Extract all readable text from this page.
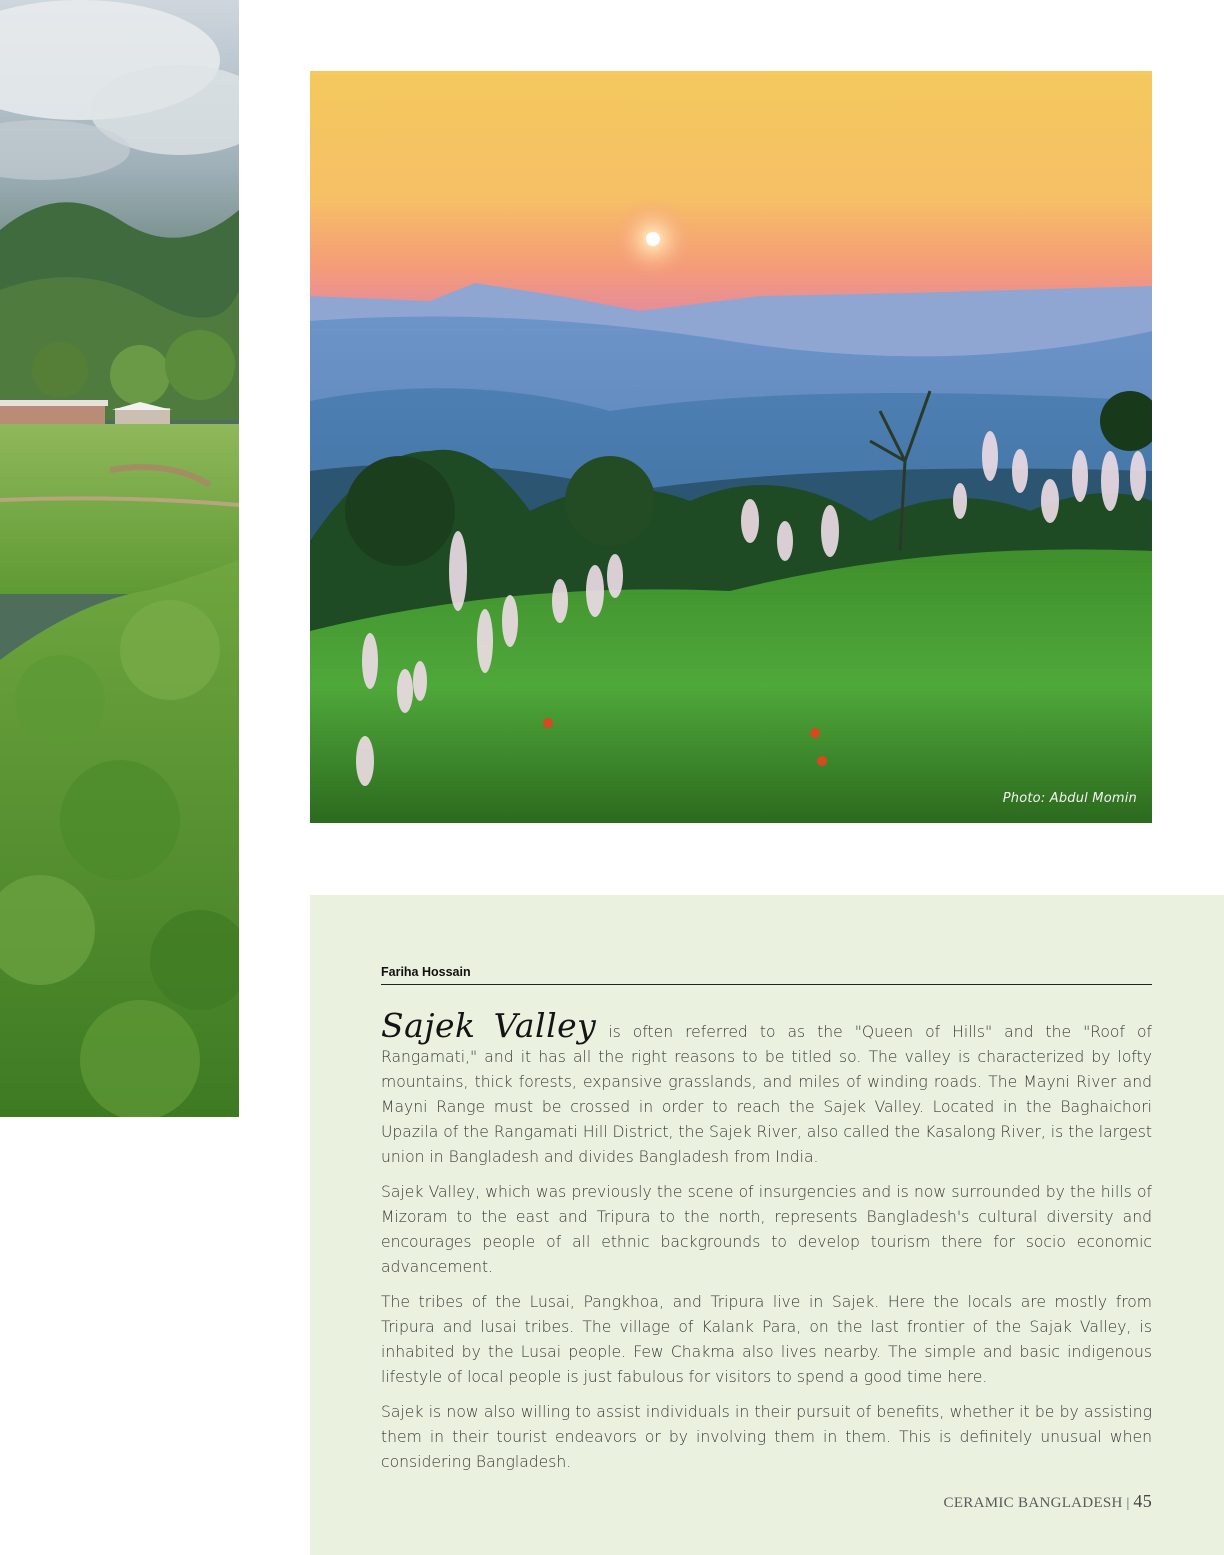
Photo: Abdul Momin
Fariha Hossain

Sajek Valley is often referred to as the "Queen of Hills" and the "Roof of Rangamati," and it has all the right reasons to be titled so. The valley is characterized by lofty mountains, thick forests, expansive grasslands, and miles of winding roads. The Mayni River and Mayni Range must be crossed in order to reach the Sajek Valley. Located in the Baghaichori Upazila of the Rangamati Hill District, the Sajek River, also called the Kasalong River, is the largest union in Bangladesh and divides Bangladesh from India.

Sajek Valley, which was previously the scene of insurgencies and is now surrounded by the hills of Mizoram to the east and Tripura to the north, represents Bangladesh's cultural diversity and encourages people of all ethnic backgrounds to develop tourism there for socio economic advancement.

The tribes of the Lusai, Pangkhoa, and Tripura live in Sajek. Here the locals are mostly from Tripura and lusai tribes. The village of Kalank Para, on the last frontier of the Sajak Valley, is inhabited by the Lusai people. Few Chakma also lives nearby. The simple and basic indigenous lifestyle of local people is just fabulous for visitors to spend a good time here.

Sajek is now also willing to assist individuals in their pursuit of benefits, whether it be by assisting them in their tourist endeavors or by involving them in them. This is definitely unusual when considering Bangladesh.

CERAMIC BANGLADESH | 45
